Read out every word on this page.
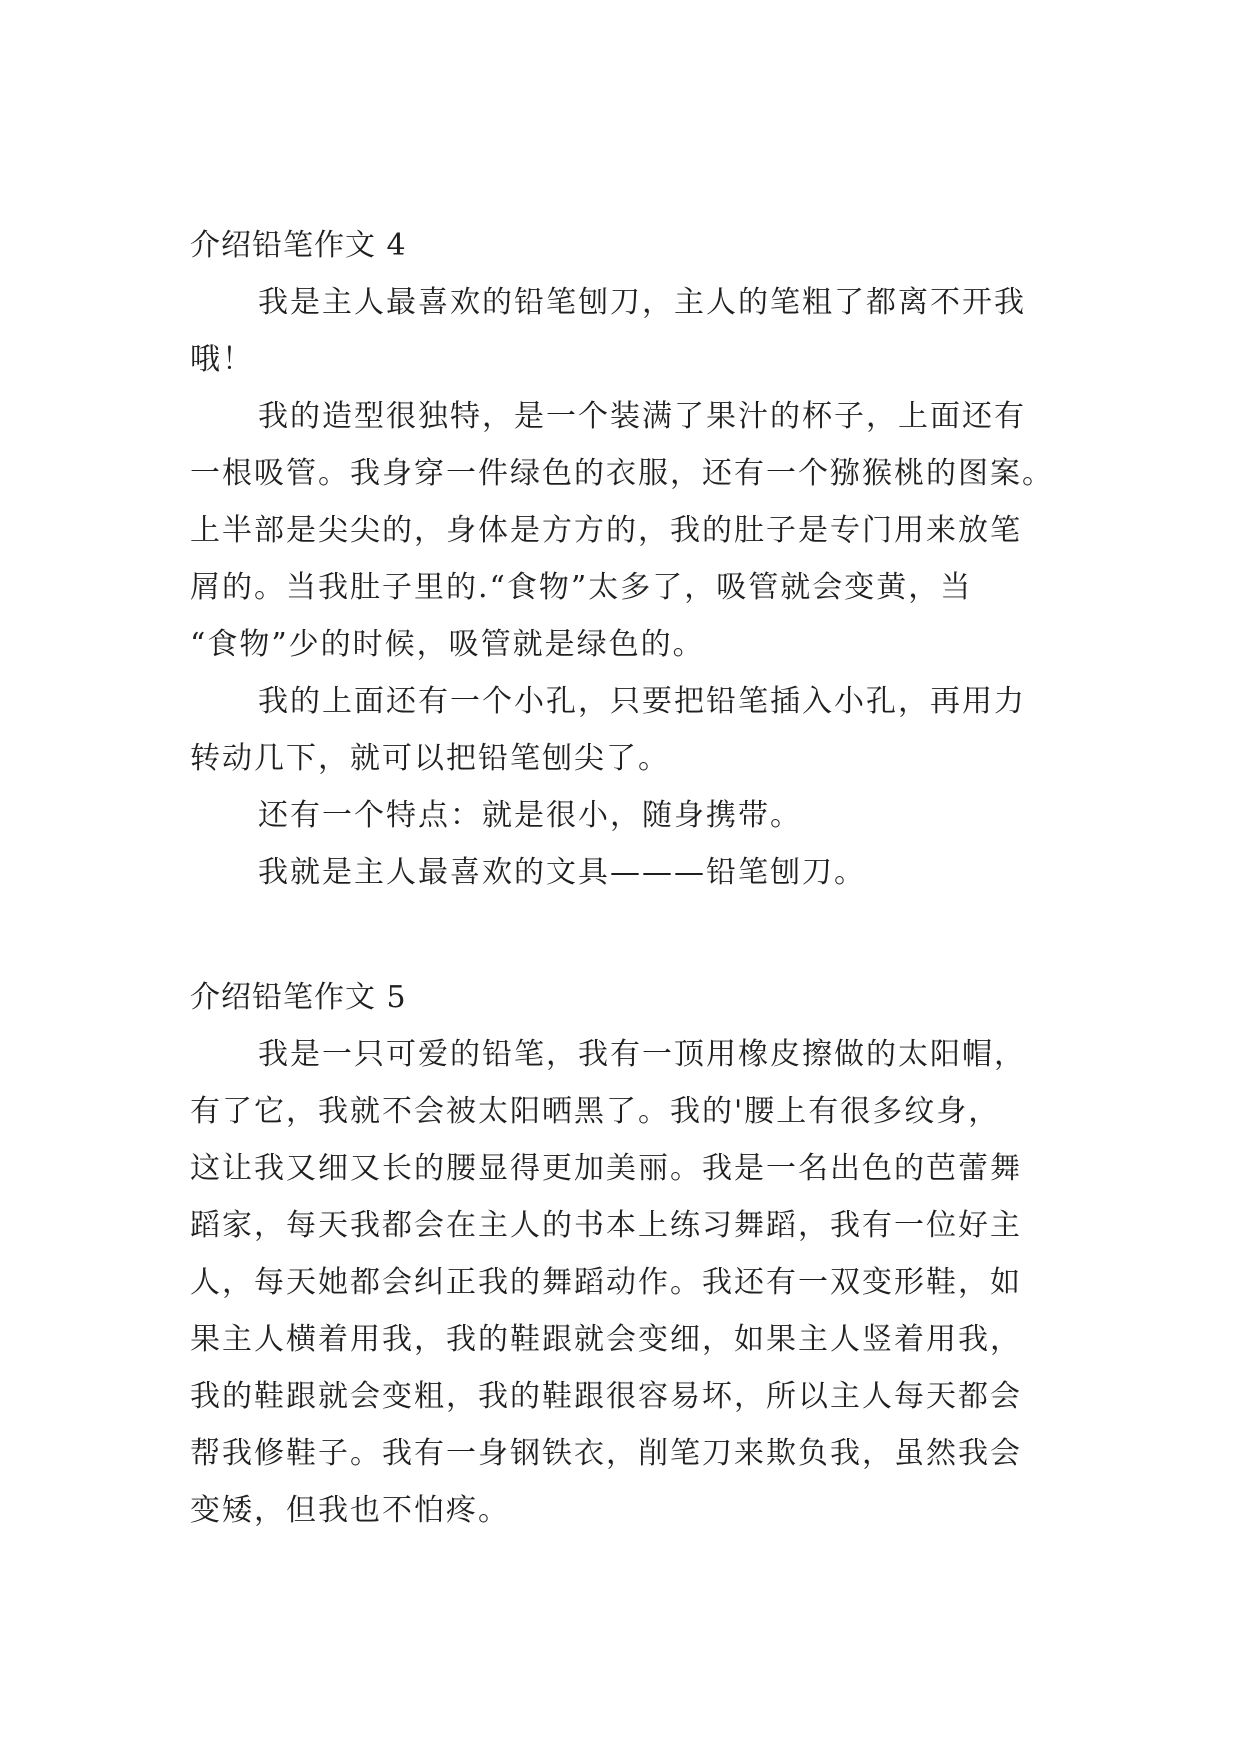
介绍铅笔作文 4
我是主人最喜欢的铅笔刨刀，主人的笔粗了都离不开我
哦！
我的造型很独特，是一个装满了果汁的杯子，上面还有
一根吸管。我身穿一件绿色的衣服，还有一个猕猴桃的图案。
上半部是尖尖的，身体是方方的，我的肚子是专门用来放笔
屑的。当我肚子里的.“食物”太多了，吸管就会变黄，当
“食物”少的时候，吸管就是绿色的。
我的上面还有一个小孔，只要把铅笔插入小孔，再用力
转动几下，就可以把铅笔刨尖了。
还有一个特点：就是很小，随身携带。
我就是主人最喜欢的文具———铅笔刨刀。
介绍铅笔作文 5
我是一只可爱的铅笔，我有一顶用橡皮擦做的太阳帽，
有了它，我就不会被太阳晒黑了。我的'腰上有很多纹身，
这让我又细又长的腰显得更加美丽。我是一名出色的芭蕾舞
蹈家，每天我都会在主人的书本上练习舞蹈，我有一位好主
人，每天她都会纠正我的舞蹈动作。我还有一双变形鞋，如
果主人横着用我，我的鞋跟就会变细，如果主人竖着用我，
我的鞋跟就会变粗，我的鞋跟很容易坏，所以主人每天都会
帮我修鞋子。我有一身钢铁衣，削笔刀来欺负我，虽然我会
变矮，但我也不怕疼。
